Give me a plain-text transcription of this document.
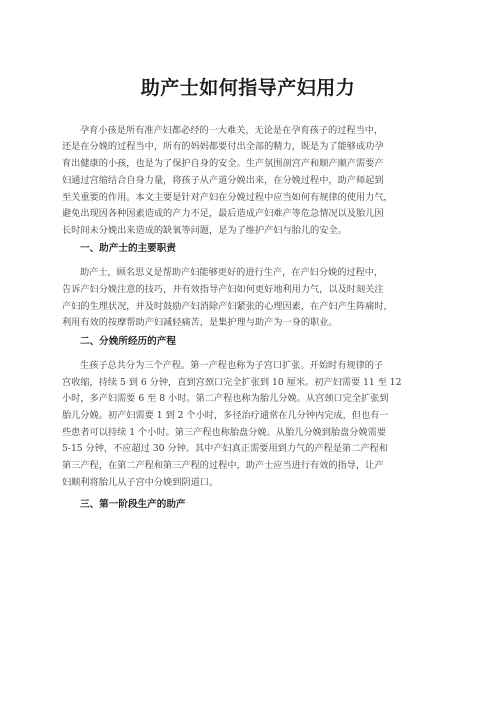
助产士如何指导产妇用力
孕育小孩是所有准产妇都必经的一大难关，无论是在孕育孩子的过程当中，
还是在分娩的过程当中，所有的妈妈都要付出全部的精力，既是为了能够成功孕
育出健康的小孩，也是为了保护自身的安全。生产氛围剖宫产和顺产顺产需要产
妇通过宫缩结合自身力量，将孩子从产道分娩出来，在分娩过程中，助产师起到
至关重要的作用。本文主要是针对产妇在分娩过程中应当如何有规律的使用力气，
避免出现因各种因素造成的产力不足，最后造成产妇难产等危急情况以及胎儿因
长时间未分娩出来造成的缺氧等问题，是为了维护产妇与胎儿的安全。
一、助产士的主要职责
助产士，顾名思义是帮助产妇能够更好的进行生产，在产妇分娩的过程中，
告诉产妇分娩注意的技巧，并有效指导产妇如何更好地利用力气，以及时刻关注
产妇的生理状况，并及时鼓励产妇消除产妇紧张的心理因素，在产妇产生阵痛时，
利用有效的按摩帮助产妇减轻痛苦，是集护理与助产为一身的职业。
二、分娩所经历的产程
生孩子总共分为三个产程。第一产程也称为子宫口扩张。开始时有规律的子
宫收缩，持续 5 到 6 分钟，直到宫颈口完全扩张到 10 厘米。初产妇需要 11 至 12
小时，多产妇需要 6 至 8 小时。第二产程也称为胎儿分娩。从宫颈口完全扩张到
胎儿分娩。初产妇需要 1 到 2 个小时，多径治疗通常在几分钟内完成，但也有一
些患者可以持续 1 个小时。第三产程也称胎盘分娩。从胎儿分娩到胎盘分娩需要
5-15 分钟，不应超过 30 分钟。其中产妇真正需要用到力气的产程是第二产程和
第三产程，在第二产程和第三产程的过程中，助产士应当进行有效的指导，让产
妇顺利将胎儿从子宫中分娩到阴道口。
三、第一阶段生产的助产
